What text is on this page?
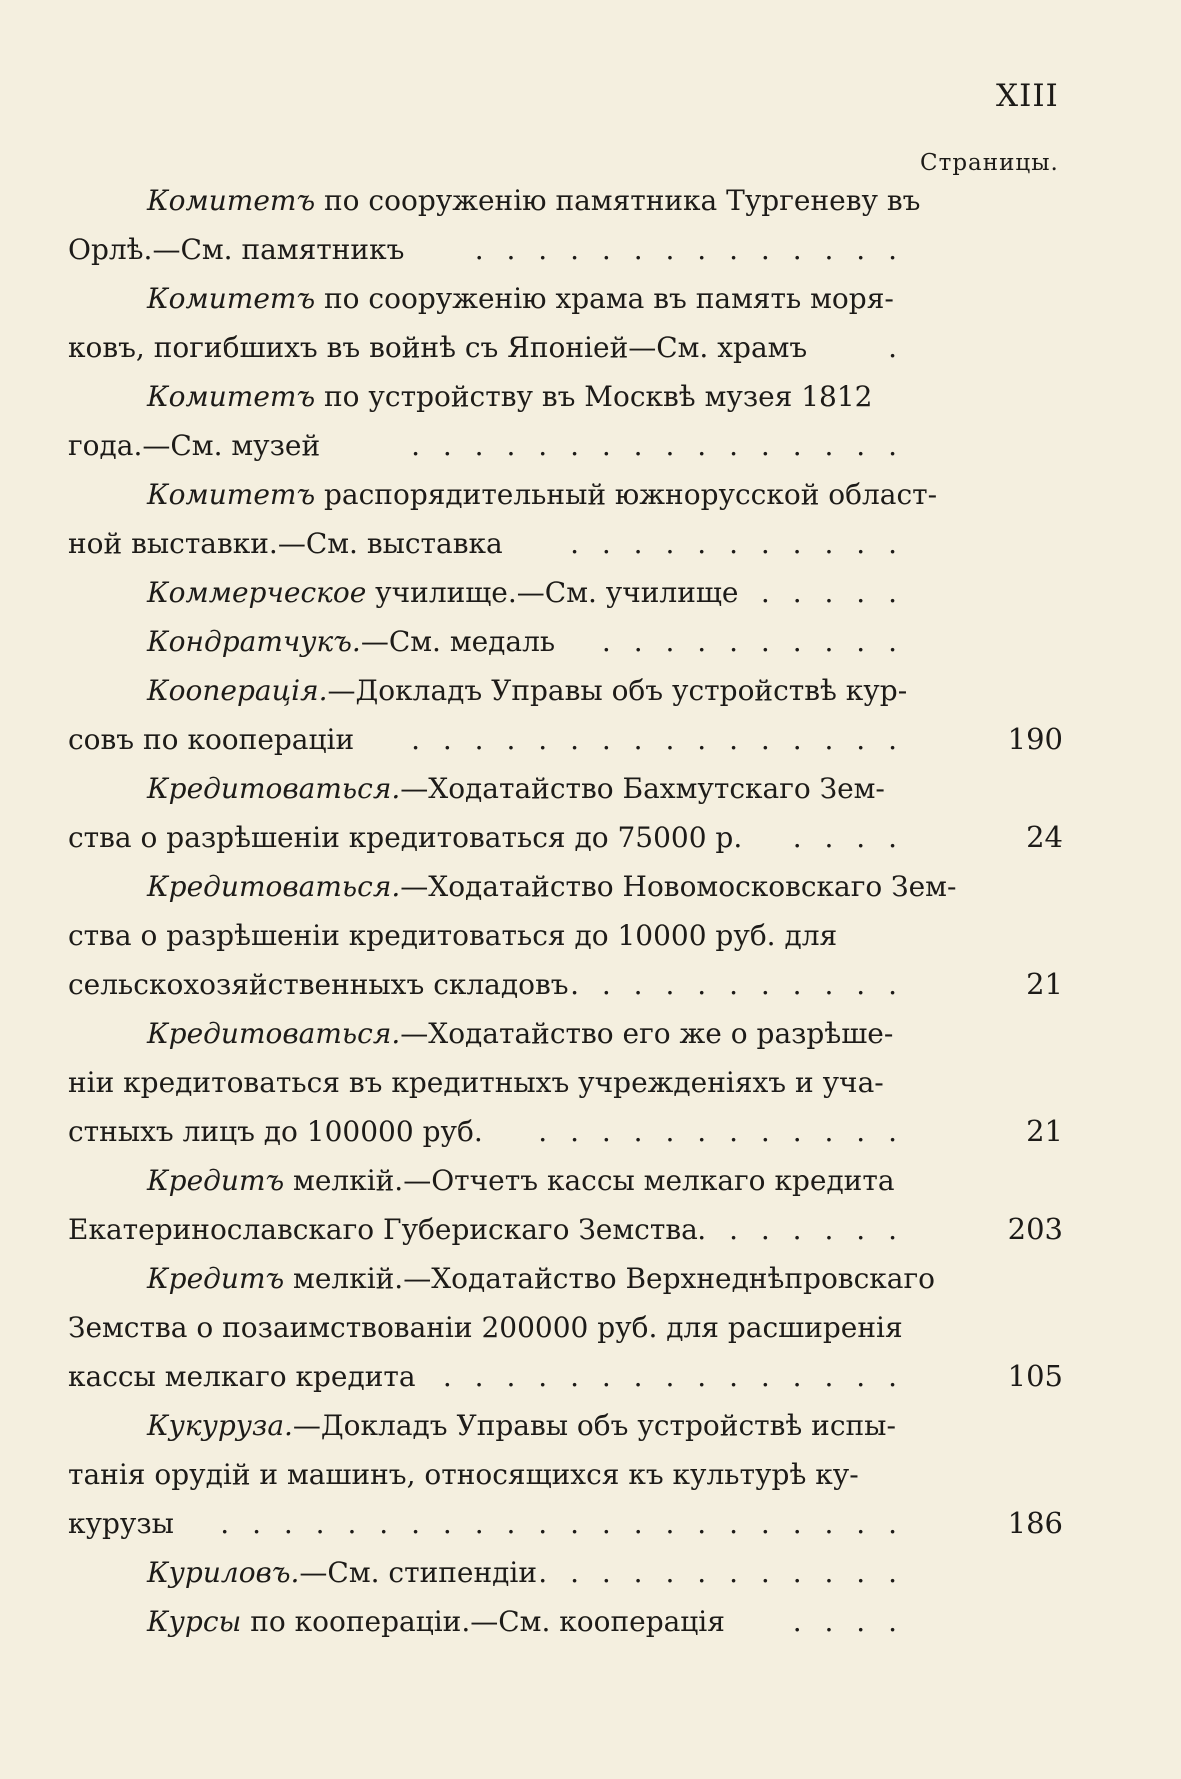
XIII
Страницы.
Комитетъ по сооруженію памятника Тургеневу въ
Орлѣ.—См. памятникъ	. . . . . . . . . . . . . .
Комитетъ по сооруженію храма въ память моря-
ковъ, погибшихъ въ войнѣ съ Японіей—См. храмъ	.
Комитетъ по устройству въ Москвѣ музея 1812
года.—См. музей	. . . . . . . . . . . . . . . .
Комитетъ распорядительный южнорусской област-
ной выставки.—См. выставка	. . . . . . . . . . .
Коммерческое училище.—См. училище . . . . .
Кондратчукъ.—См. медаль	. . . . . . . . . .
Кооперація.—Докладъ Управы объ устройствѣ кур-
совъ по коопераціи	. . . . . . . . . . . . . . . .	190
Кредитоваться.—Ходатайство Бахмутскаго Зем-
ства о разрѣшеніи кредитоваться до 75000 р.	. . . .	24
Кредитоваться.—Ходатайство Новомосковскаго Зем-
ства о разрѣшеніи кредитоваться до 10000 руб. для
сельскохозяйственныхъ складовъ . . . . . . . . . . .	21
Кредитоваться.—Ходатайство его же о разрѣше-
ніи кредитоваться въ кредитныхъ учрежденіяхъ и уча-
стныхъ лицъ до 100000 руб.	. . . . . . . . . . . .	21
Кредитъ мелкій.—Отчетъ кассы мелкаго кредита
Екатеринославскаго Губерискаго Земства . . . . . . .	203
Кредитъ мелкій.—Ходатайство Верхнеднѣпровскаго
Земства о позаимствованіи 200000 руб. для расширенія
кассы мелкаго кредита . . . . . . . . . . . . . . .	105
Кукуруза.—Докладъ Управы объ устройствѣ испы-
танія орудій и машинъ, относящихся къ культурѣ ку-
курузы	. . . . . . . . . . . . . . . . . . . . . .	186
Куриловъ.—См. стипендіи . . . . . . . . . . . .
Курсы по коопераціи.—См. кооперація	. . . .
